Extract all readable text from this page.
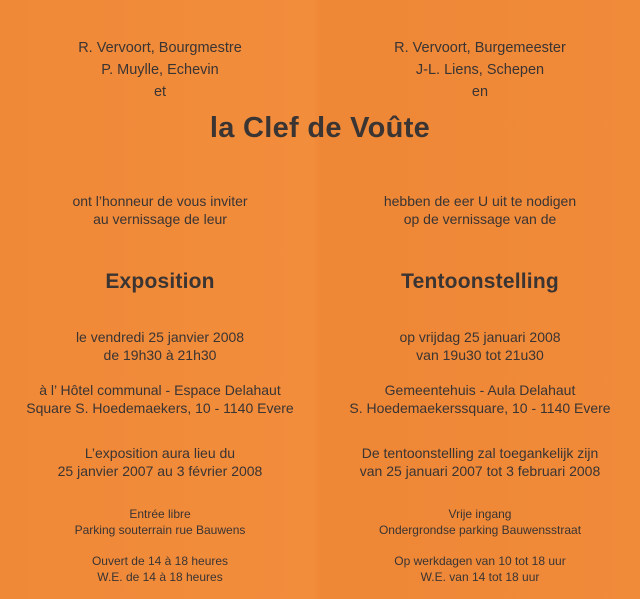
R. Vervoort, Bourgmestre
P. Muylle, Echevin
et
ont l’honneur de vous inviter
au vernissage de leur
Exposition
le vendredi 25 janvier 2008
de 19h30 à 21h30
à l’ Hôtel communal - Espace Delahaut
Square S. Hoedemaekers, 10 - 1140 Evere
L’exposition aura lieu du
25 janvier 2007 au 3 février 2008
Entrée libre
Parking souterrain rue Bauwens
Ouvert de 14 à 18 heures
W.E. de 14 à 18 heures
R. Vervoort, Burgemeester
J-L. Liens, Schepen
en
hebben de eer U uit te nodigen
op de vernissage van de
Tentoonstelling
op vrijdag 25 januari 2008
van 19u30 tot 21u30
Gemeentehuis - Aula Delahaut
S. Hoedemaekerssquare, 10 - 1140 Evere
De tentoonstelling zal toegankelijk zijn
van 25 januari 2007 tot 3 februari 2008
Vrije ingang
Ondergrondse parking Bauwensstraat
Op werkdagen van 10 tot 18 uur
W.E. van 14 tot 18 uur
la Clef de Voûte
